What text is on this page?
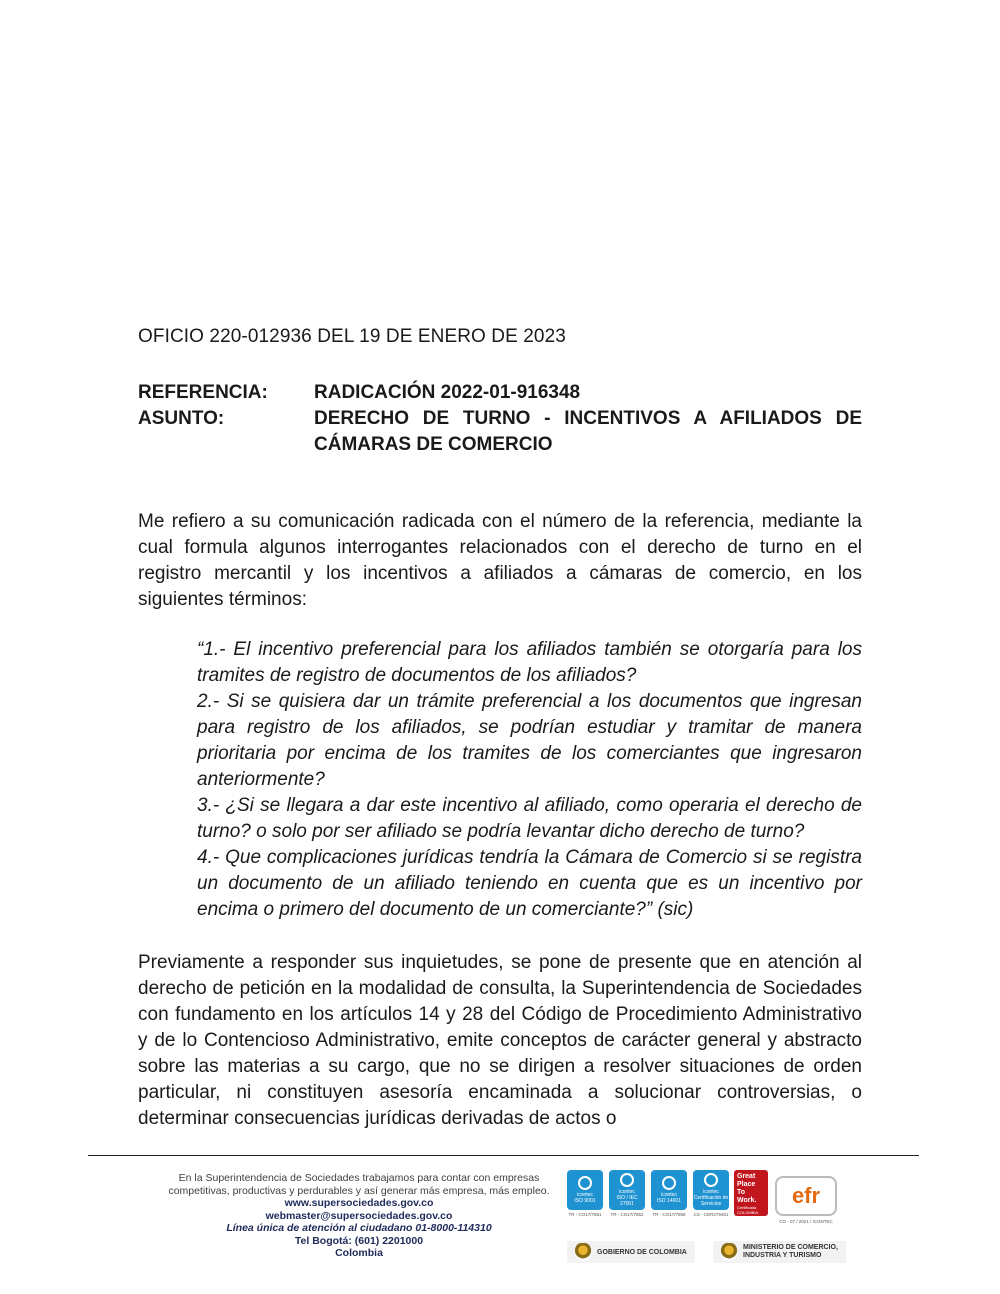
OFICIO 220-012936 DEL 19 DE ENERO DE 2023
REFERENCIA:	RADICACIÓN 2022-01-916348
ASUNTO:	DERECHO DE TURNO - INCENTIVOS A AFILIADOS DE CÁMARAS DE COMERCIO

Me refiero a su comunicación radicada con el número de la referencia, mediante la cual formula algunos interrogantes relacionados con el derecho de turno en el registro mercantil y los incentivos a afiliados a cámaras de comercio, en los siguientes términos:

“1.- El incentivo preferencial para los afiliados también se otorgaría para los tramites de registro de documentos de los afiliados?

2.- Si se quisiera dar un trámite preferencial a los documentos que ingresan para registro de los afiliados, se podrían estudiar y tramitar de manera prioritaria por encima de los tramites de los comerciantes que ingresaron anteriormente?

3.- ¿Si se llegara a dar este incentivo al afiliado, como operaria el derecho de turno? o solo por ser afiliado se podría levantar dicho derecho de turno?

4.- Que complicaciones jurídicas tendría la Cámara de Comercio si se registra un documento de un afiliado teniendo en cuenta que es un incentivo por encima o primero del documento de un comerciante?” (sic)

Previamente a responder sus inquietudes, se pone de presente que en atención al derecho de petición en la modalidad de consulta, la Superintendencia de Sociedades con fundamento en los artículos 14 y 28 del Código de Procedimiento Administrativo y de lo Contencioso Administrativo, emite conceptos de carácter general y abstracto sobre las materias a su cargo, que no se dirigen a resolver situaciones de orden particular, ni constituyen asesoría encaminada a solucionar controversias, o determinar consecuencias jurídicas derivadas de actos o

En la Superintendencia de Sociedades trabajamos para contar con empresas
competitivas, productivas y perdurables y así generar más empresa, más empleo.
www.supersociedades.gov.co
webmaster@supersociedades.gov.co
Línea única de atención al ciudadano 01-8000-114310
Tel Bogotá: (601) 2201000
Colombia
icontec
ISO 9001
TR - CO17/7851
icontec
ISO / IEC 27001
TR - CO17/7852
icontec
ISO 14001
TR - CO17/7858
icontec
Certificación de Servicios
CS - CER279481
Great Place To Work.
Certificada COLOMBIA
efr
CO - 07 / 2021 / ICONTEC
GOBIERNO DE COLOMBIA
MINISTERIO DE COMERCIO,
INDUSTRIA Y TURISMO
